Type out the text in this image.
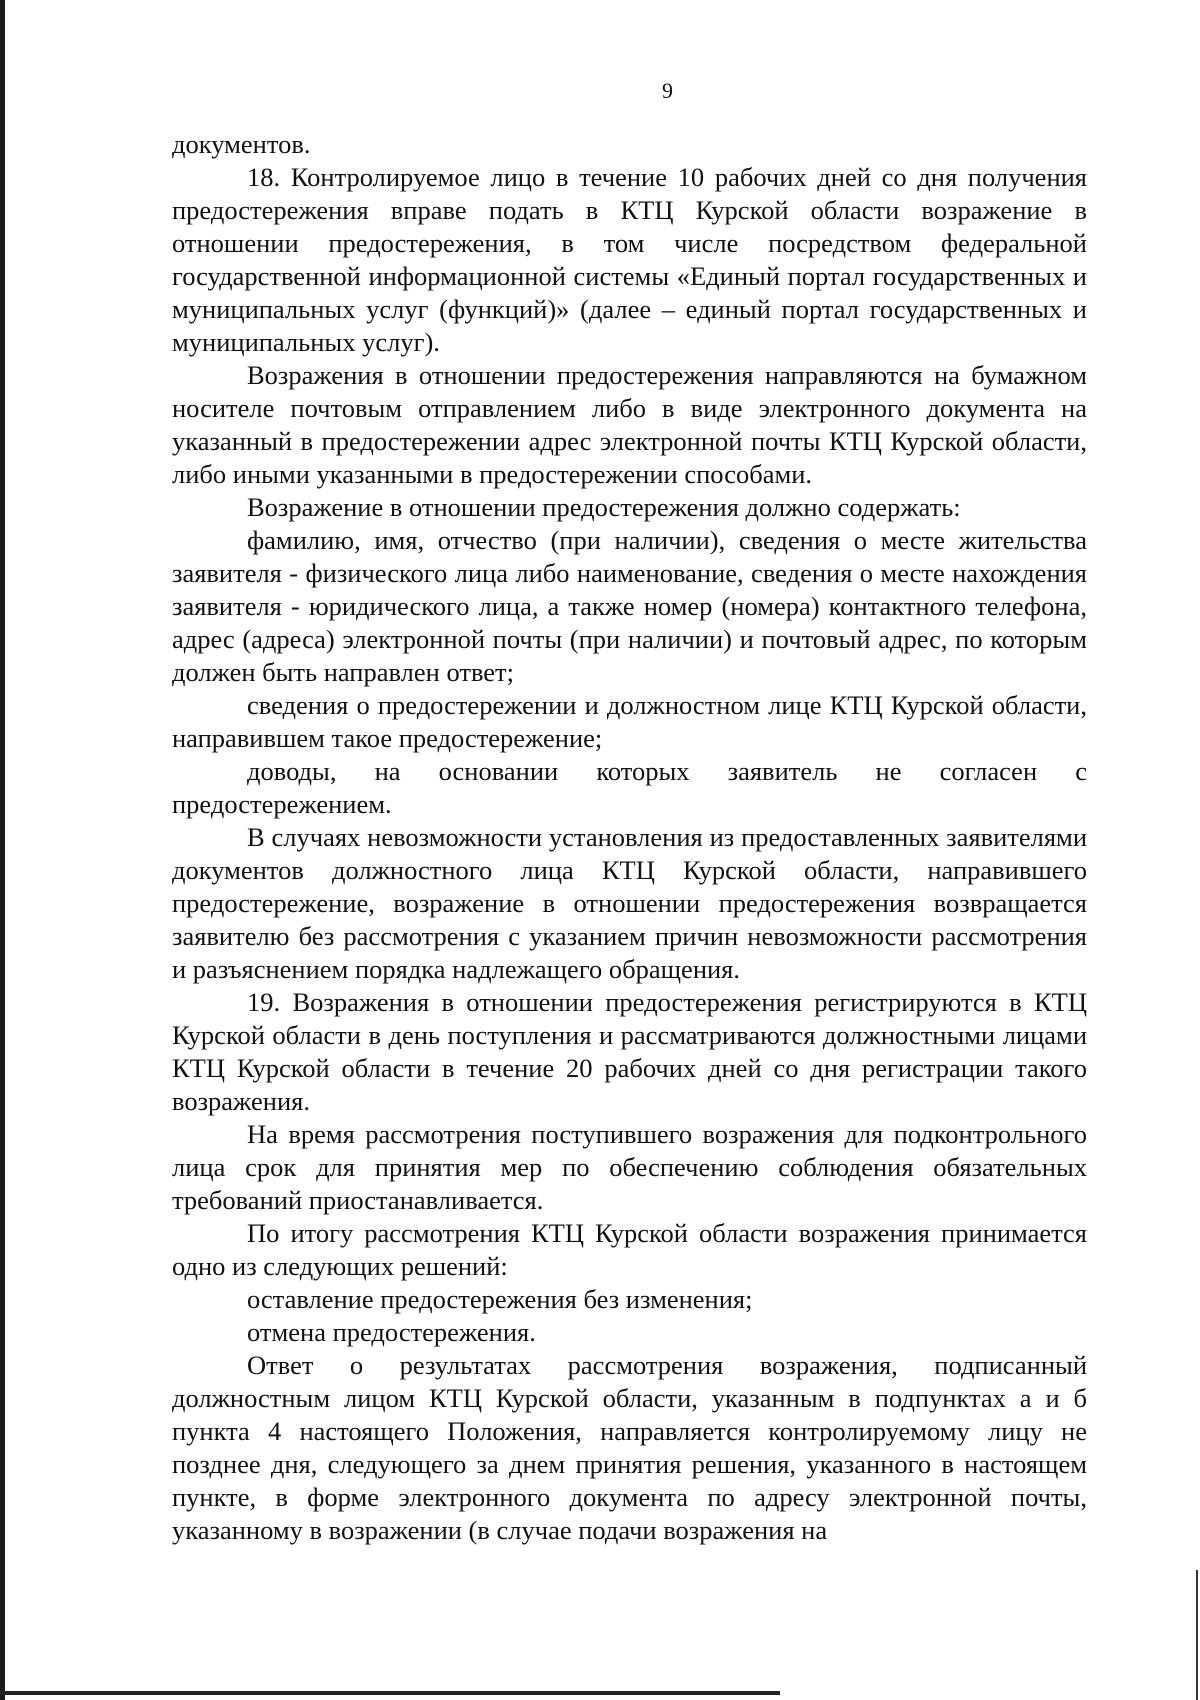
9

документов.

18. Контролируемое лицо в течение 10 рабочих дней со дня получения предостережения вправе подать в КТЦ Курской области возражение в отношении предостережения, в том числе посредством федеральной государственной информационной системы «Единый портал государственных и муниципальных услуг (функций)» (далее – единый портал государственных и муниципальных услуг).

Возражения в отношении предостережения направляются на бумажном носителе почтовым отправлением либо в виде электронного документа на указанный в предостережении адрес электронной почты КТЦ Курской области, либо иными указанными в предостережении способами.

Возражение в отношении предостережения должно содержать:

фамилию, имя, отчество (при наличии), сведения о месте жительства заявителя - физического лица либо наименование, сведения о месте нахождения заявителя - юридического лица, а также номер (номера) контактного телефона, адрес (адреса) электронной почты (при наличии) и почтовый адрес, по которым должен быть направлен ответ;

сведения о предостережении и должностном лице КТЦ Курской области, направившем такое предостережение;

доводы, на основании которых заявитель не согласен с предостережением.

В случаях невозможности установления из предоставленных заявителями документов должностного лица КТЦ Курской области, направившего предостережение, возражение в отношении предостережения возвращается заявителю без рассмотрения с указанием причин невозможности рассмотрения и разъяснением порядка надлежащего обращения.

19. Возражения в отношении предостережения регистрируются в КТЦ Курской области в день поступления и рассматриваются должностными лицами КТЦ Курской области в течение 20 рабочих дней со дня регистрации такого возражения.

На время рассмотрения поступившего возражения для подконтрольного лица срок для принятия мер по обеспечению соблюдения обязательных требований приостанавливается.

По итогу рассмотрения КТЦ Курской области возражения принимается одно из следующих решений:

оставление предостережения без изменения;

отмена предостережения.

Ответ о результатах рассмотрения возражения, подписанный должностным лицом КТЦ Курской области, указанным в подпунктах а и б пункта 4 настоящего Положения, направляется контролируемому лицу не позднее дня, следующего за днем принятия решения, указанного в настоящем пункте, в форме электронного документа по адресу электронной почты, указанному в возражении (в случае подачи возражения на
